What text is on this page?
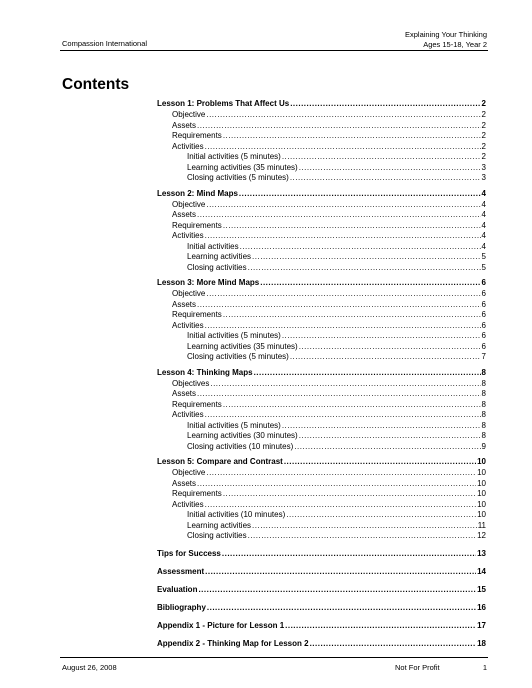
Compassion International
Explaining Your Thinking
Ages 15-18, Year 2
Contents
Lesson 1: Problems That Affect Us .....	2
Objective .....	2
Assets .....	2
Requirements .....	2
Activities .....	2
Initial activities (5 minutes) .....	2
Learning activities (35 minutes) .....	3
Closing activities (5 minutes) .....	3
Lesson 2: Mind Maps .....	4
Objective .....	4
Assets .....	4
Requirements .....	4
Activities .....	4
Initial activities .....	4
Learning activities .....	5
Closing activities .....	5
Lesson 3: More Mind Maps .....	6
Objective .....	6
Assets .....	6
Requirements .....	6
Activities .....	6
Initial activities (5 minutes) .....	6
Learning activities (35 minutes) .....	6
Closing activities (5 minutes) .....	7
Lesson 4: Thinking Maps .....	8
Objectives .....	8
Assets .....	8
Requirements .....	8
Activities .....	8
Initial activities (5 minutes) .....	8
Learning activities (30 minutes) .....	8
Closing activities (10 minutes) .....	9
Lesson 5: Compare and Contrast .....	10
Objective .....	10
Assets .....	10
Requirements .....	10
Activities .....	10
Initial activities (10 minutes) .....	10
Learning activities .....	11
Closing activities .....	12
Tips for Success .....	13
Assessment .....	14
Evaluation .....	15
Bibliography .....	16
Appendix 1 - Picture for Lesson 1 .....	17
Appendix 2 - Thinking Map for Lesson 2 .....	18
August 26, 2008	Not For Profit	1
